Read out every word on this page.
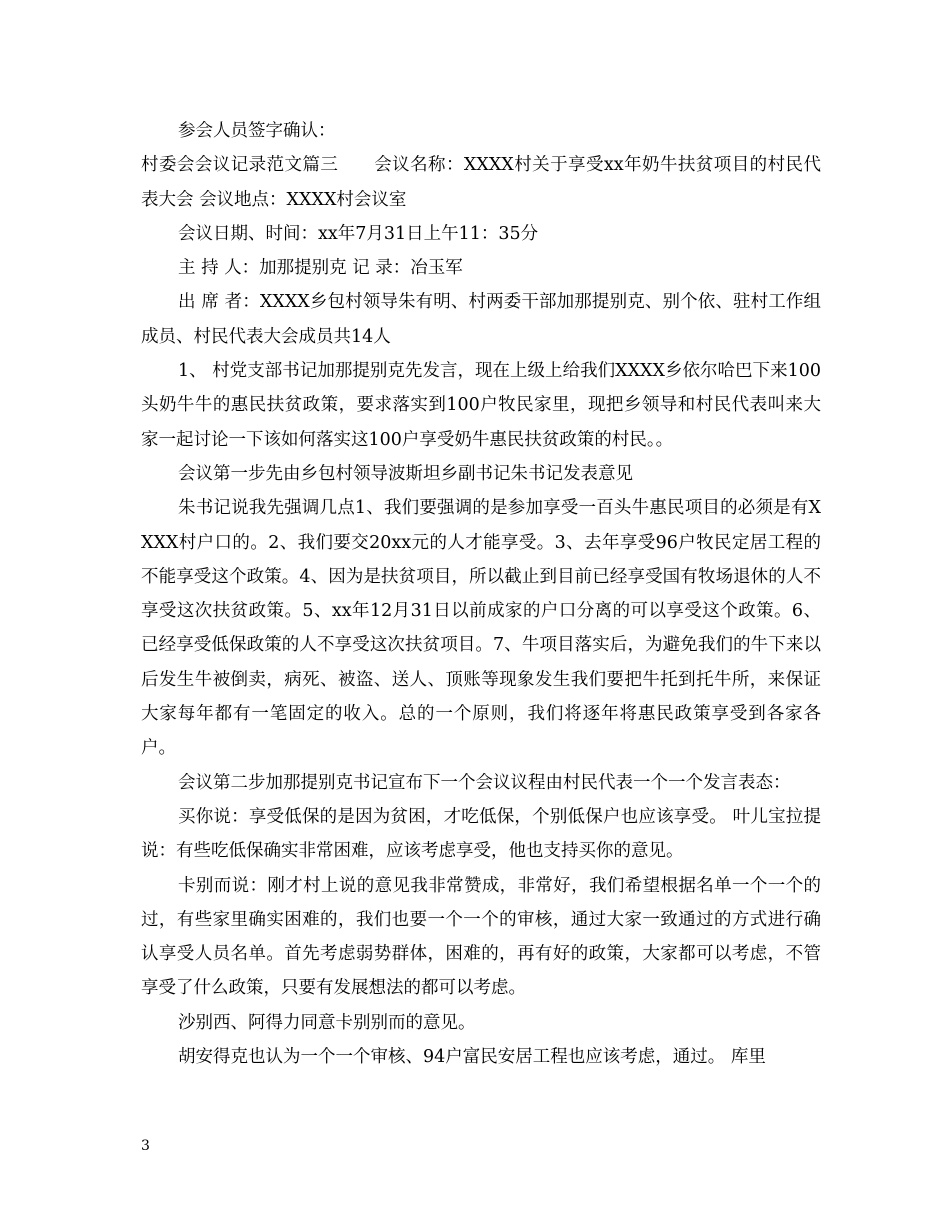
参会人员签字确认：

村委会会议记录范文篇三　　会议名称：XXXX村关于享受xx年奶牛扶贫项目的村民代表大会 会议地点：XXXX村会议室

会议日期、时间：xx年7月31日上午11：35分

主 持 人：加那提别克 记 录：冶玉军

出 席 者：XXXX乡包村领导朱有明、村两委干部加那提别克、别个依、驻村工作组成员、村民代表大会成员共14人

1、 村党支部书记加那提别克先发言，现在上级上给我们XXXX乡依尔哈巴下来100头奶牛牛的惠民扶贫政策，要求落实到100户牧民家里，现把乡领导和村民代表叫来大家一起讨论一下该如何落实这100户享受奶牛惠民扶贫政策的村民。。

会议第一步先由乡包村领导波斯坦乡副书记朱书记发表意见

朱书记说我先强调几点1、我们要强调的是参加享受一百头牛惠民项目的必须是有XXXX村户口的。2、我们要交20xx元的人才能享受。3、去年享受96户牧民定居工程的不能享受这个政策。4、因为是扶贫项目，所以截止到目前已经享受国有牧场退休的人不享受这次扶贫政策。5、xx年12月31日以前成家的户口分离的可以享受这个政策。6、已经享受低保政策的人不享受这次扶贫项目。7、牛项目落实后，为避免我们的牛下来以后发生牛被倒卖，病死、被盗、送人、顶账等现象发生我们要把牛托到托牛所，来保证大家每年都有一笔固定的收入。总的一个原则，我们将逐年将惠民政策享受到各家各户。

会议第二步加那提别克书记宣布下一个会议议程由村民代表一个一个发言表态：

买你说：享受低保的是因为贫困，才吃低保，个别低保户也应该享受。 叶儿宝拉提说：有些吃低保确实非常困难，应该考虑享受，他也支持买你的意见。

卡别而说：刚才村上说的意见我非常赞成，非常好，我们希望根据名单一个一个的过，有些家里确实困难的，我们也要一个一个的审核，通过大家一致通过的方式进行确认享受人员名单。首先考虑弱势群体，困难的，再有好的政策，大家都可以考虑，不管享受了什么政策，只要有发展想法的都可以考虑。

沙别西、阿得力同意卡别别而的意见。

胡安得克也认为一个一个审核、94户富民安居工程也应该考虑，通过。 库里

3
